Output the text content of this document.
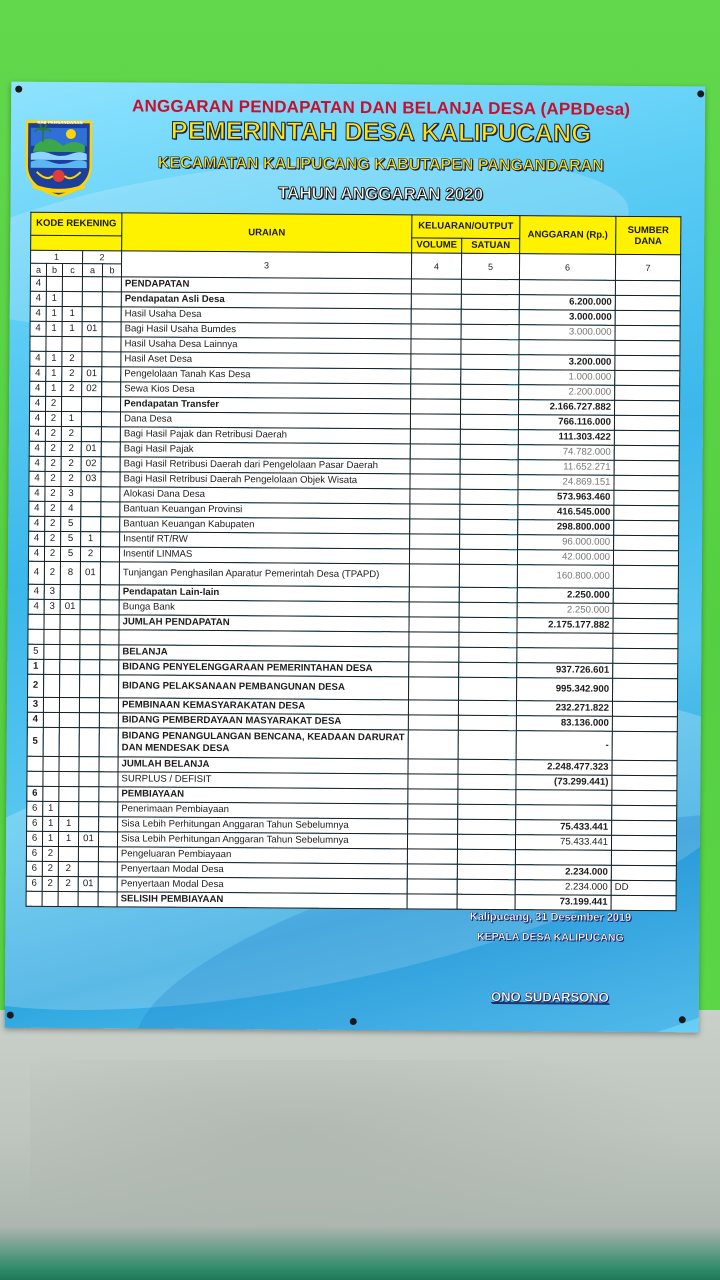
KAB PANGANDARAN
ANGGARAN PENDAPATAN DAN BELANJA DESA (APBDesa)
PEMERINTAH DESA KALIPUCANG
KECAMATAN KALIPUCANG KABUTAPEN PANGANDARAN
TAHUN ANGGARAN 2020
KODE REKENING					URAIAN	KELUARAN/OUTPUT		ANGGARAN (Rp.)	SUMBER DANA
						VOLUME	SATUAN		
1			2		3	4	5	6	7
a	b	c	a	b					
4					PENDAPATAN				
4	1				Pendapatan Asli Desa			6.200.000	
4	1	1			Hasil Usaha Desa			3.000.000	
4	1	1	01		Bagi Hasil Usaha Bumdes			3.000.000	
					Hasil Usaha Desa Lainnya				
4	1	2			Hasil Aset Desa			3.200.000	
4	1	2	01		Pengelolaan Tanah Kas Desa			1.000.000	
4	1	2	02		Sewa Kios Desa			2.200.000	
4	2				Pendapatan Transfer			2.166.727.882	
4	2	1			Dana Desa			766.116.000	
4	2	2			Bagi Hasil Pajak dan Retribusi Daerah			111.303.422	
4	2	2	01		Bagi Hasil Pajak			74.782.000	
4	2	2	02		Bagi Hasil Retribusi Daerah dari Pengelolaan Pasar Daerah			11.652.271	
4	2	2	03		Bagi Hasil Retribusi Daerah Pengelolaan Objek Wisata			24.869.151	
4	2	3			Alokasi Dana Desa			573.963.460	
4	2	4			Bantuan Keuangan Provinsi			416.545.000	
4	2	5			Bantuan Keuangan Kabupaten			298.800.000	
4	2	5	1		Insentif RT/RW			96.000.000	
4	2	5	2		Insentif LINMAS			42.000.000	
4	2	8	01		Tunjangan Penghasilan Aparatur Pemerintah Desa (TPAPD)			160.800.000	
4	3				Pendapatan Lain-lain			2.250.000	
4	3	01			Bunga Bank			2.250.000	
					JUMLAH PENDAPATAN			2.175.177.882	

5					BELANJA				
1					BIDANG PENYELENGGARAAN PEMERINTAHAN DESA			937.726.601	
2					BIDANG PELAKSANAAN PEMBANGUNAN DESA			995.342.900	
3					PEMBINAAN KEMASYARAKATAN DESA			232.271.822	
4					BIDANG PEMBERDAYAAN MASYARAKAT DESA			83.136.000	
5					BIDANG PENANGULANGAN BENCANA, KEADAAN DARURAT DAN MENDESAK DESA			-	
					JUMLAH BELANJA			2.248.477.323	
					SURPLUS / DEFISIT			(73.299.441)	
6					PEMBIAYAAN				
6	1				Penerimaan Pembiayaan				
6	1	1			Sisa Lebih Perhitungan Anggaran Tahun Sebelumnya			75.433.441	
6	1	1	01		Sisa Lebih Perhitungan Anggaran Tahun Sebelumnya			75.433.441	
6	2				Pengeluaran Pembiayaan				
6	2	2			Penyertaan Modal Desa			2.234.000	
6	2	2	01		Penyertaan Modal Desa			2.234.000	DD
					SELISIH PEMBIAYAAN			73.199.441	
Kalipucang, 31 Desember 2019
KEPALA DESA KALIPUCANG
ONO SUDARSONO
